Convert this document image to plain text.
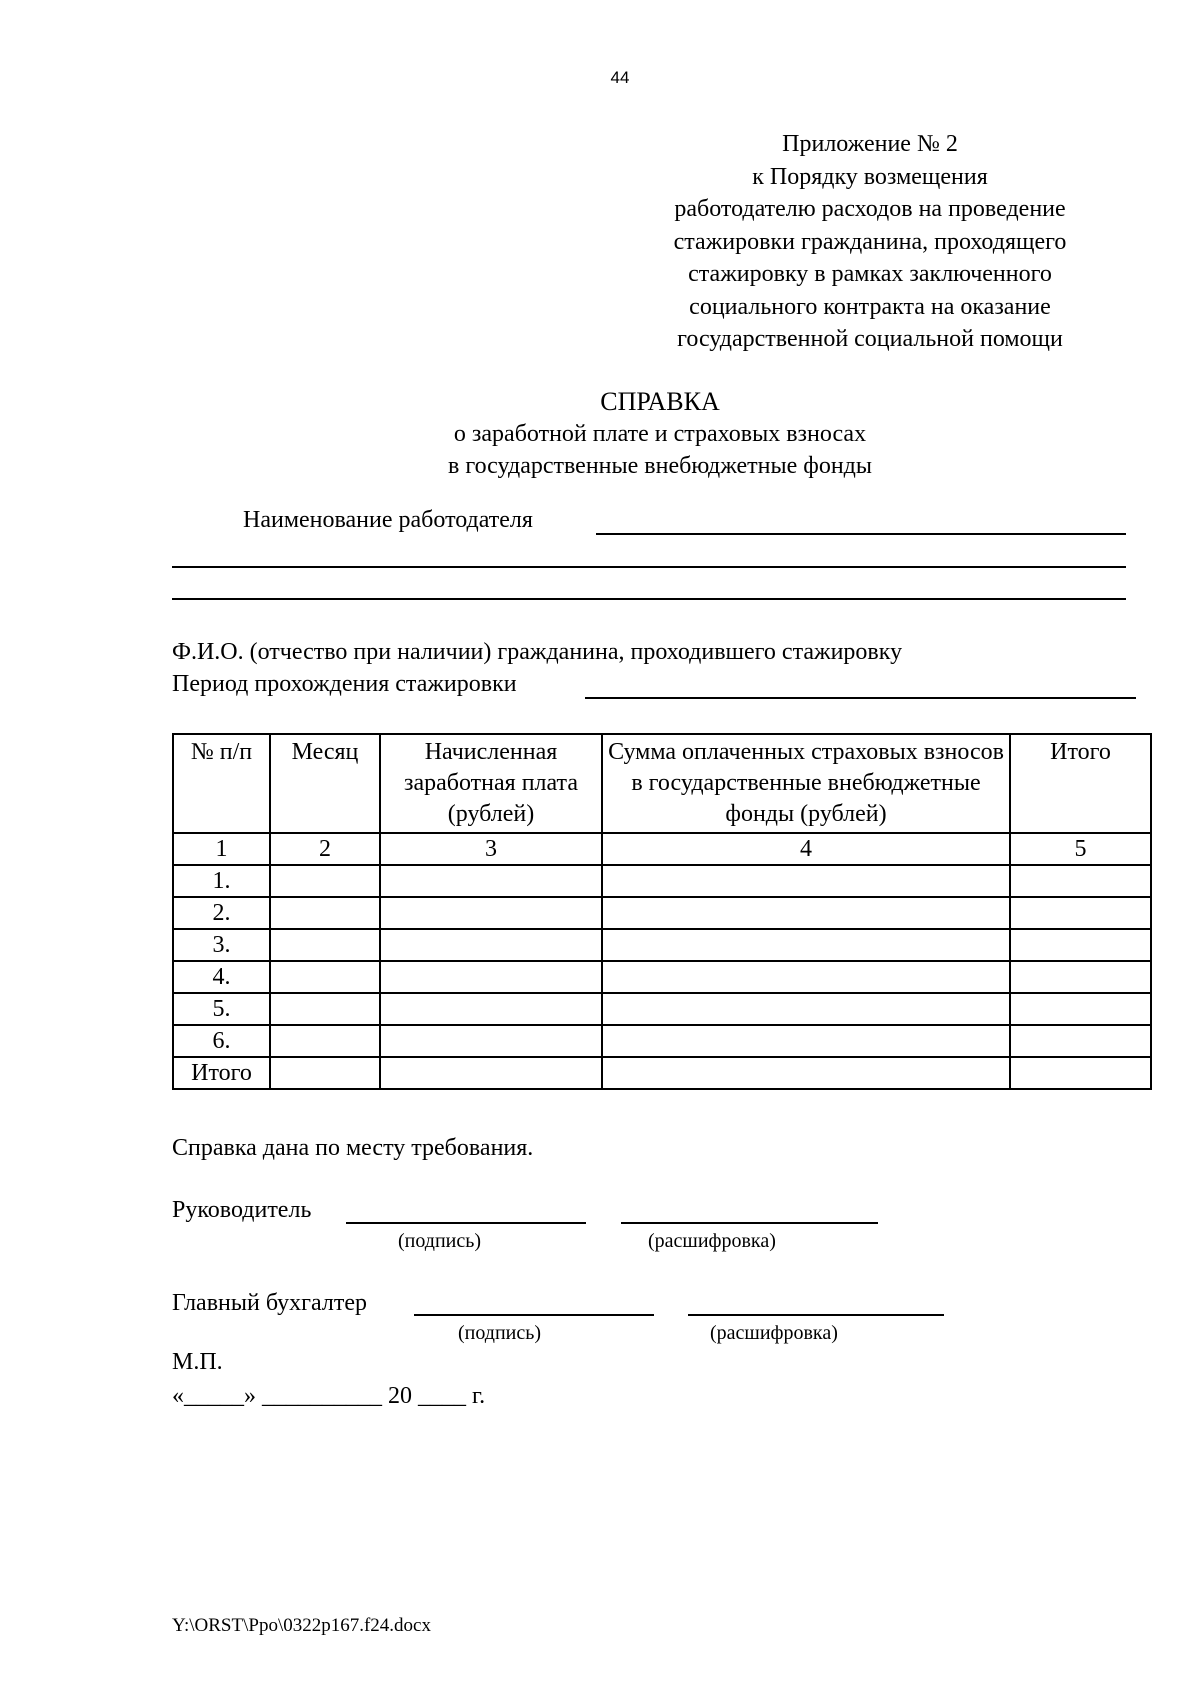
44
Приложение № 2
к Порядку возмещения
работодателю расходов на проведение
стажировки гражданина, проходящего
стажировку в рамках заключенного
социального контракта на оказание
государственной социальной помощи
СПРАВКА
о заработной плате и страховых взносах
в государственные внебюджетные фонды
Наименование работодателя
Ф.И.О. (отчество при наличии) гражданина, проходившего стажировку
Период прохождения стажировки
№ п/п	Месяц	Начисленная заработная плата (рублей)	Сумма оплаченных страховых взносов в государственные внебюджетные фонды (рублей)	Итого
1	2	3	4	5
1.				
2.				
3.				
4.				
5.				
6.				
Итого				
Справка дана по месту требования.
Руководитель
(подпись)	(расшифровка)
Главный бухгалтер
(подпись)	(расшифровка)
М.П.
«_____» __________ 20 ____ г.
Y:\ORST\Ppo\0322p167.f24.docx
